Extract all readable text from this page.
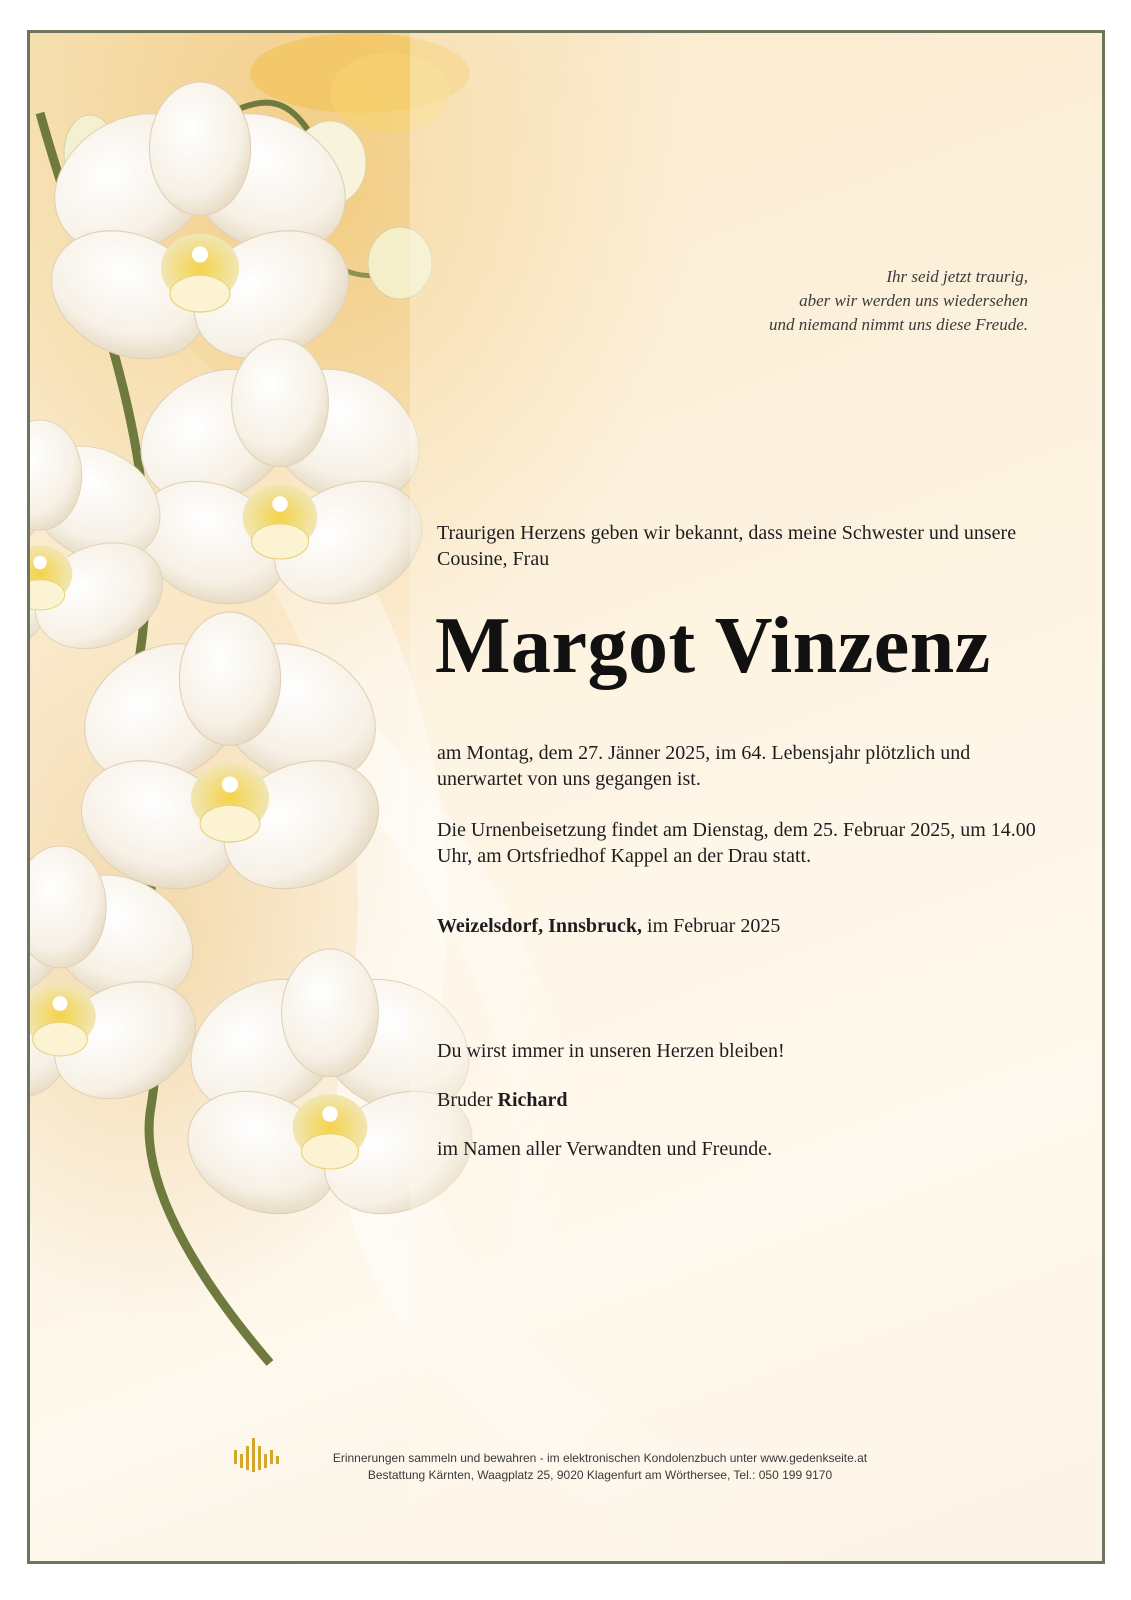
Ihr seid jetzt traurig,
aber wir werden uns wiedersehen
und niemand nimmt uns diese Freude.
Traurigen Herzens geben wir bekannt, dass meine Schwester und unsere Cousine, Frau
Margot Vinzenz
am Montag, dem 27. Jänner 2025, im 64. Lebensjahr plötzlich und unerwartet von uns gegangen ist.
Die Urnenbeisetzung findet am Dienstag, dem 25. Februar 2025, um 14.00 Uhr, am Ortsfriedhof Kappel an der Drau statt.
Weizelsdorf, Innsbruck, im Februar 2025
Du wirst immer in unseren Herzen bleiben!
Bruder Richard
im Namen aller Verwandten und Freunde.
Erinnerungen sammeln und bewahren - im elektronischen Kondolenzbuch unter www.gedenkseite.at
Bestattung Kärnten, Waagplatz 25, 9020 Klagenfurt am Wörthersee, Tel.: 050 199 9170
